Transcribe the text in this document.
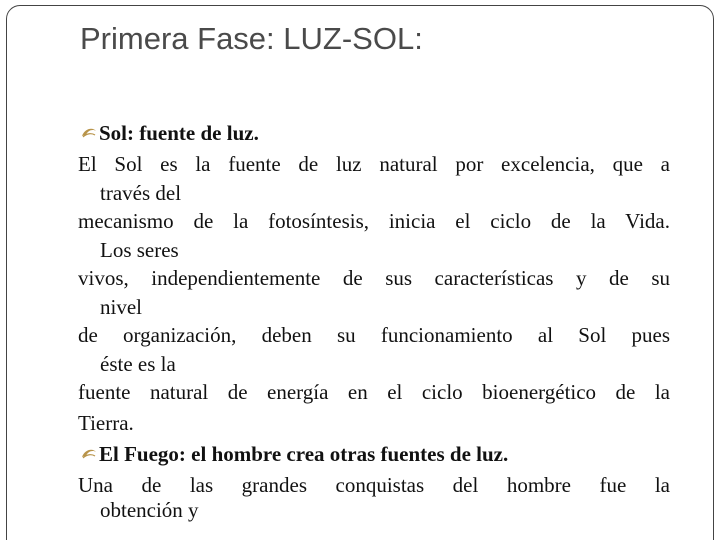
Primera Fase: LUZ-SOL:
Sol: fuente de luz.
El Sol es la fuente de luz natural por excelencia, que a
través del
mecanismo de la fotosíntesis, inicia el ciclo de la Vida.
Los seres
vivos, independientemente de sus características y de su
nivel
de organización, deben su funcionamiento al Sol pues
éste es la
fuente natural de energía en el ciclo bioenergético de la
Tierra.
El Fuego: el hombre crea otras fuentes de luz.
Una de las grandes conquistas del hombre fue la
obtención y
